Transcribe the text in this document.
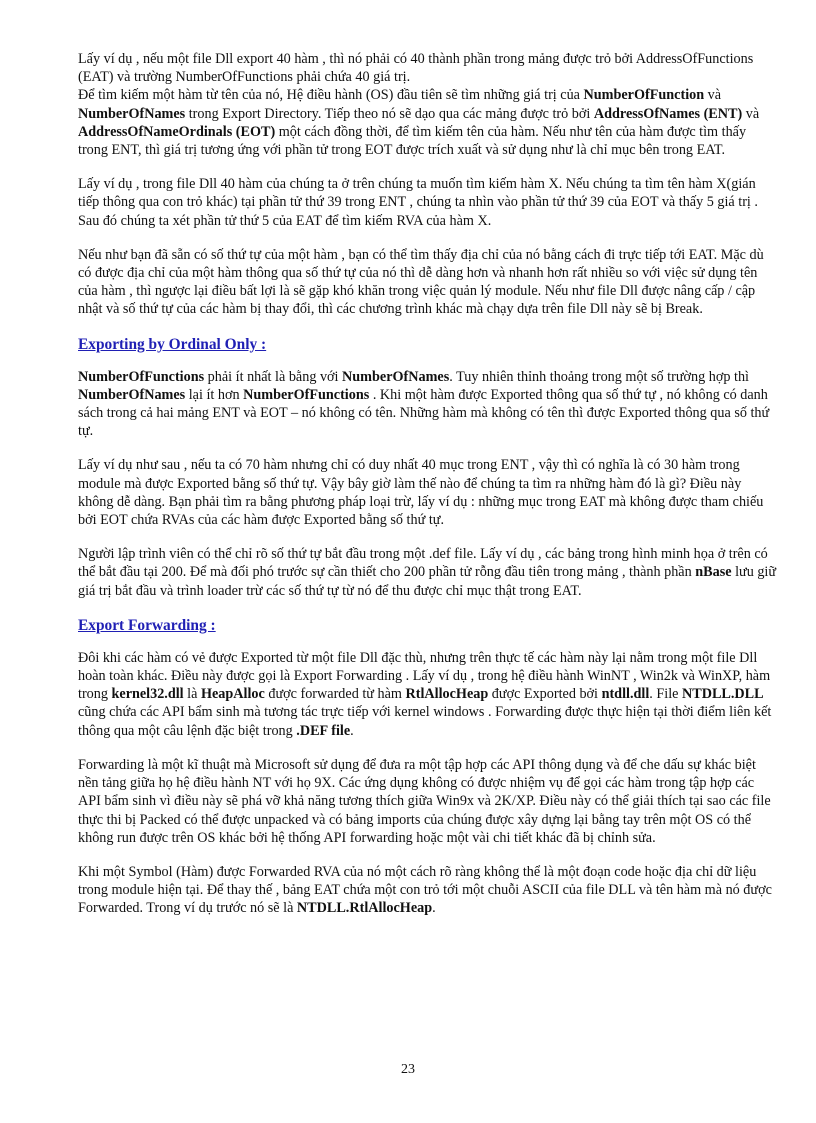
Lấy ví dụ , nếu một file Dll export 40 hàm , thì nó phải có 40 thành phần trong mảng được trỏ bởi AddressOfFunctions (EAT) và trường NumberOfFunctions phải chứa 40 giá trị.

Để tìm kiếm một hàm từ tên của nó, Hệ điều hành (OS) đầu tiên sẽ tìm những giá trị của NumberOfFunction và NumberOfNames trong Export Directory. Tiếp theo nó sẽ dạo qua các mảng được trỏ bởi AddressOfNames (ENT) và AddressOfNameOrdinals (EOT) một cách đồng thời, để tìm kiếm tên của hàm. Nếu như tên của hàm được tìm thấy trong ENT, thì giá trị tương ứng với phần tử trong EOT được trích xuất và sử dụng như là chỉ mục bên trong EAT.

Lấy ví dụ , trong file Dll 40 hàm của chúng ta ở trên chúng ta muốn tìm kiếm hàm X. Nếu chúng ta tìm tên hàm X(gián tiếp thông qua con trỏ khác) tại phần tử thứ 39 trong ENT , chúng ta nhìn vào phần tử thứ 39 của EOT và thấy 5 giá trị . Sau đó chúng ta xét phần tử thứ 5 của EAT để tìm kiếm RVA của hàm X.

Nếu như bạn đã sẵn có số thứ tự của một hàm , bạn có thể tìm thấy địa chỉ của nó bằng cách đi trực tiếp tới EAT. Mặc dù có được địa chỉ của một hàm thông qua số thứ tự của nó thì dễ dàng hơn và nhanh hơn rất nhiều so với việc sử dụng tên của hàm , thì ngược lại điều bất lợi là sẽ gặp khó khăn trong việc quản lý module. Nếu như file Dll được nâng cấp / cập nhật và số thứ tự của các hàm bị thay đổi, thì các chương trình khác mà chạy dựa trên file Dll này sẽ bị Break.

Exporting by Ordinal Only :

NumberOfFunctions phải ít nhất là bằng với NumberOfNames. Tuy nhiên thỉnh thoảng trong một số trường hợp thì NumberOfNames lại ít hơn NumberOfFunctions . Khi một hàm được Exported thông qua số thứ tự , nó không có danh sách trong cả hai mảng ENT và EOT – nó không có tên. Những hàm mà không có tên thì được Exported thông qua số thứ tự.

Lấy ví dụ như sau , nếu ta có 70 hàm nhưng chỉ có duy nhất 40 mục trong ENT , vậy thì có nghĩa là có 30 hàm trong module mà được Exported bằng số thứ tự. Vậy bây giờ làm thế nào để chúng ta tìm ra những hàm đó là gì? Điều này không dễ dàng. Bạn phải tìm ra bằng phương pháp loại trừ, lấy ví dụ : những mục trong EAT mà không được tham chiếu bởi EOT chứa RVAs của các hàm được Exported bằng số thứ tự.

Người lập trình viên có thể chỉ rõ số thứ tự bắt đầu trong một .def file. Lấy ví dụ , các bảng trong hình minh họa ở trên có thể bắt đầu tại 200. Để mà đối phó trước sự cần thiết cho 200 phần tử rỗng đầu tiên trong mảng , thành phần nBase lưu giữ giá trị bắt đầu và trình loader trừ các số thứ tự từ nó để thu được chỉ mục thật trong EAT.

Export Forwarding :

Đôi khi các hàm có vẻ được Exported từ một file Dll đặc thù, nhưng trên thực tế các hàm này lại nằm trong một file Dll hoàn toàn khác. Điều này được gọi là Export Forwarding . Lấy ví dụ , trong hệ điều hành WinNT , Win2k và WinXP, hàm trong kernel32.dll là HeapAlloc được forwarded từ hàm RtlAllocHeap được Exported bởi ntdll.dll. File NTDLL.DLL cũng chứa các API bẩm sinh mà tương tác trực tiếp với kernel windows . Forwarding được thực hiện tại thời điểm liên kết thông qua một câu lệnh đặc biệt trong .DEF file.

Forwarding là một kĩ thuật mà Microsoft sử dụng để đưa ra một tập hợp các API thông dụng và để che dấu sự khác biệt nền tảng giữa họ hệ điều hành NT với họ 9X. Các ứng dụng không có được nhiệm vụ để gọi các hàm trong tập hợp các API bẩm sinh vì điều này sẽ phá vỡ khả năng tương thích giữa Win9x và 2K/XP. Điều này có thể giải thích tại sao các file thực thi bị Packed có thể được unpacked và có bảng imports của chúng được xây dựng lại bằng tay trên một OS có thể không run được trên OS khác bởi hệ thống API forwarding hoặc một vài chi tiết khác đã bị chỉnh sửa.

Khi một Symbol (Hàm) được Forwarded RVA của nó một cách rõ ràng không thể là một đoạn code hoặc địa chỉ dữ liệu trong module hiện tại. Để thay thế , bảng EAT chứa một con trỏ tới một chuỗi ASCII của file DLL và tên hàm mà nó được Forwarded. Trong ví dụ trước nó sẽ là NTDLL.RtlAllocHeap.

23
